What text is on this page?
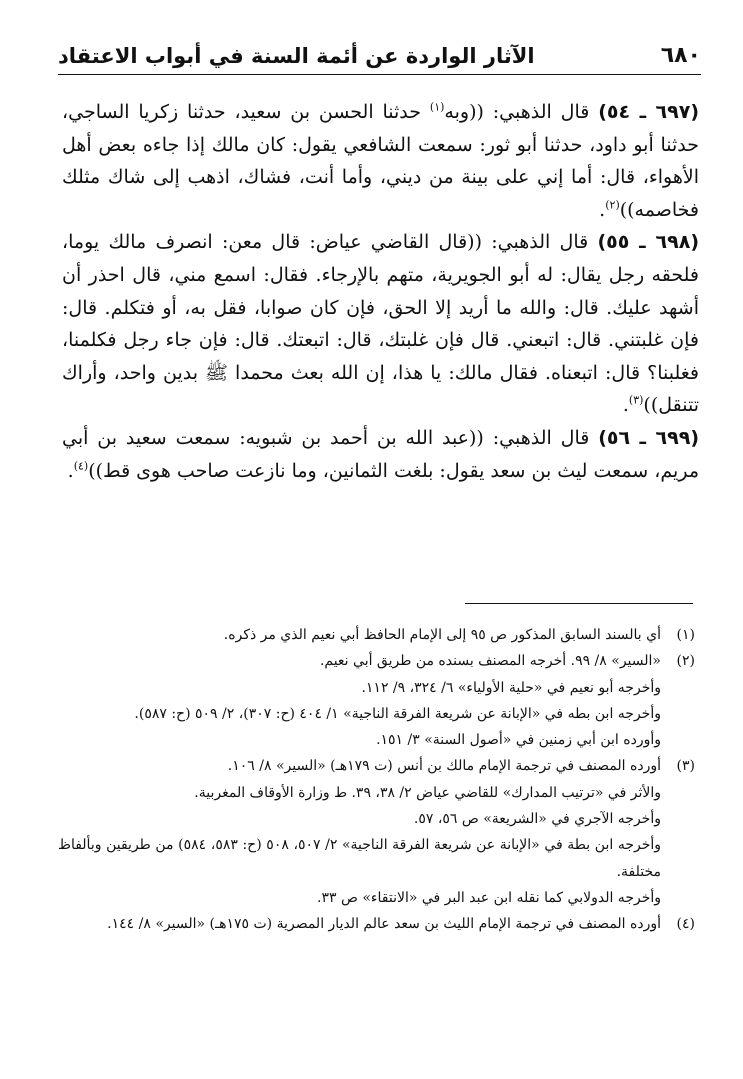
٦٨٠
الآثار الواردة عن أئمة السنة في أبواب الاعتقاد

(٦٩٧ ـ ٥٤) قال الذهبي: ((وبه$^{(١)}$ حدثنا الحسن بن سعيد، حدثنا زكريا الساجي، حدثنا أبو داود، حدثنا أبو ثور: سمعت الشافعي يقول: كان مالك إذا جاءه بعض أهل الأهواء، قال: أما إني على بينة من ديني، وأما أنت، فشاك، اذهب إلى شاك مثلك فخاصمه))$^{(٢)}$.

(٦٩٨ ـ ٥٥) قال الذهبي: ((قال القاضي عياض: قال معن: انصرف مالك يوما، فلحقه رجل يقال: له أبو الجويرية، متهم بالإرجاء. فقال: اسمع مني، قال احذر أن أشهد عليك. قال: والله ما أريد إلا الحق، فإن كان صوابا، فقل به، أو فتكلم. قال: فإن غلبتني. قال: اتبعني. قال فإن غلبتك، قال: اتبعتك. قال: فإن جاء رجل فكلمنا، فغلبنا؟ قال: اتبعناه. فقال مالك: يا هذا، إن الله بعث محمدا ﷺ بدين واحد، وأراك تتنقل))$^{(٣)}$.

(٦٩٩ ـ ٥٦) قال الذهبي: ((عبد الله بن أحمد بن شبويه: سمعت سعيد بن أبي مريم، سمعت ليث بن سعد يقول: بلغت الثمانين، وما نازعت صاحب هوى قط))$^{(٤)}$.

(١)
أي بالسند السابق المذكور ص ٩٥ إلى الإمام الحافظ أبي نعيم الذي مر ذكره.
(٢)
«السير» ٨/ ٩٩. أخرجه المصنف بسنده من طريق أبي نعيم.
وأخرجه أبو نعيم في «حلية الأولياء» ٦/ ٣٢٤، ٩/ ١١٢.
وأخرجه ابن بطه في «الإبانة عن شريعة الفرقة الناجية» ١/ ٤٠٤ (ح: ٣٠٧)، ٢/ ٥٠٩ (ح: ٥٨٧).
وأورده ابن أبي زمنين في «أصول السنة» ٣/ ١٥١.
(٣)
أورده المصنف في ترجمة الإمام مالك بن أنس (ت ١٧٩هـ) «السير» ٨/ ١٠٦.
والأثر في «ترتيب المدارك» للقاضي عياض ٢/ ٣٨، ٣٩. ط وزارة الأوقاف المغربية.
وأخرجه الآجري في «الشريعة» ص ٥٦، ٥٧.
وأخرجه ابن بطة في «الإبانة عن شريعة الفرقة الناجية» ٢/ ٥٠٧، ٥٠٨ (ح: ٥٨٣، ٥٨٤) من طريقين وبألفاظ مختلفة.
وأخرجه الدولابي كما نقله ابن عبد البر في «الانتقاء» ص ٣٣.
(٤)
أورده المصنف في ترجمة الإمام الليث بن سعد عالم الديار المصرية (ت ١٧٥هـ) «السير» ٨/ ١٤٤.
